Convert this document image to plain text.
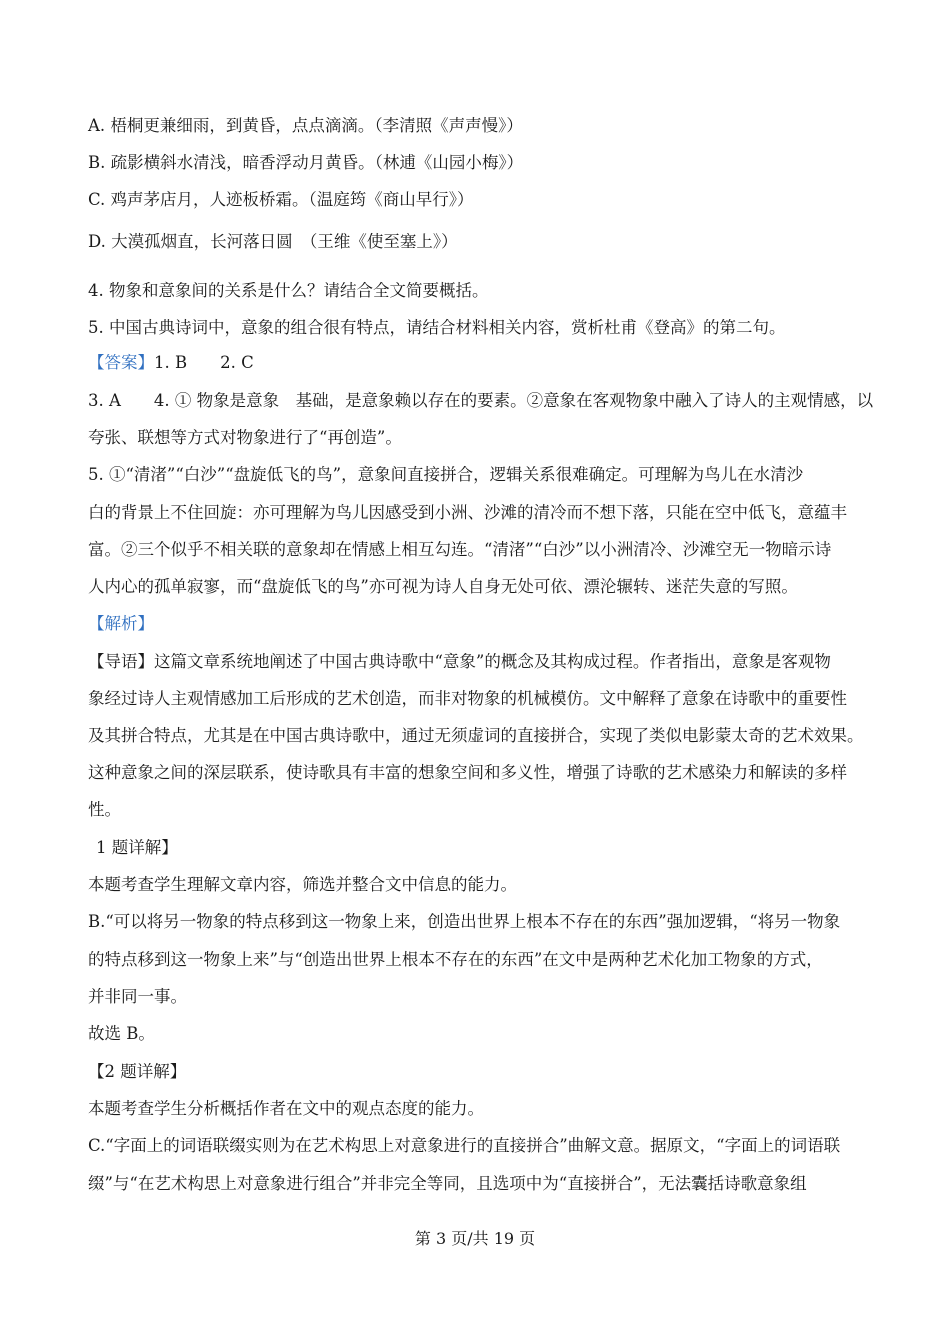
A. 梧桐更兼细雨，到黄昏，点点滴滴。（李清照《声声慢》）
B. 疏影横斜水清浅，暗香浮动月黄昏。（林逋《山园小梅》）
C. 鸡声茅店月，人迹板桥霜。（温庭筠《商山早行》）
D. 大漠孤烟直，长河落日圆　（王维《使至塞上》）
4. 物象和意象间的关系是什么？请结合全文简要概括。
5. 中国古典诗词中，意象的组合很有特点，请结合材料相关内容，赏析杜甫《登高》的第二句。
【答案】1. B　　2. C
3. A　　4. ① 物象是意象　基础，是意象赖以存在的要素。②意象在客观物象中融入了诗人的主观情感，以
夸张、联想等方式对物象进行了“再创造”。
5. ①“清渚”“白沙”“盘旋低飞的鸟”，意象间直接拼合，逻辑关系很难确定。可理解为鸟儿在水清沙
白的背景上不住回旋：亦可理解为鸟儿因感受到小洲、沙滩的清冷而不想下落，只能在空中低飞，意蕴丰
富。②三个似乎不相关联的意象却在情感上相互勾连。“清渚”“白沙”以小洲清冷、沙滩空无一物暗示诗
人内心的孤单寂寥，而“盘旋低飞的鸟”亦可视为诗人自身无处可依、漂沦辗转、迷茫失意的写照。
【解析】
【导语】这篇文章系统地阐述了中国古典诗歌中“意象”的概念及其构成过程。作者指出，意象是客观物
象经过诗人主观情感加工后形成的艺术创造，而非对物象的机械模仿。文中解释了意象在诗歌中的重要性
及其拼合特点，尤其是在中国古典诗歌中，通过无须虚词的直接拼合，实现了类似电影蒙太奇的艺术效果。
这种意象之间的深层联系，使诗歌具有丰富的想象空间和多义性，增强了诗歌的艺术感染力和解读的多样
性。
1 题详解】
本题考查学生理解文章内容，筛选并整合文中信息的能力。
B.“可以将另一物象的特点移到这一物象上来，创造出世界上根本不存在的东西”强加逻辑，“将另一物象
的特点移到这一物象上来”与“创造出世界上根本不存在的东西”在文中是两种艺术化加工物象的方式，
并非同一事。
故选 B。
【2 题详解】
本题考查学生分析概括作者在文中的观点态度的能力。
C.“字面上的词语联缀实则为在艺术构思上对意象进行的直接拼合”曲解文意。据原文，“字面上的词语联
缀”与“在艺术构思上对意象进行组合”并非完全等同，且选项中为“直接拼合”，无法囊括诗歌意象组
第 3 页/共 19 页
